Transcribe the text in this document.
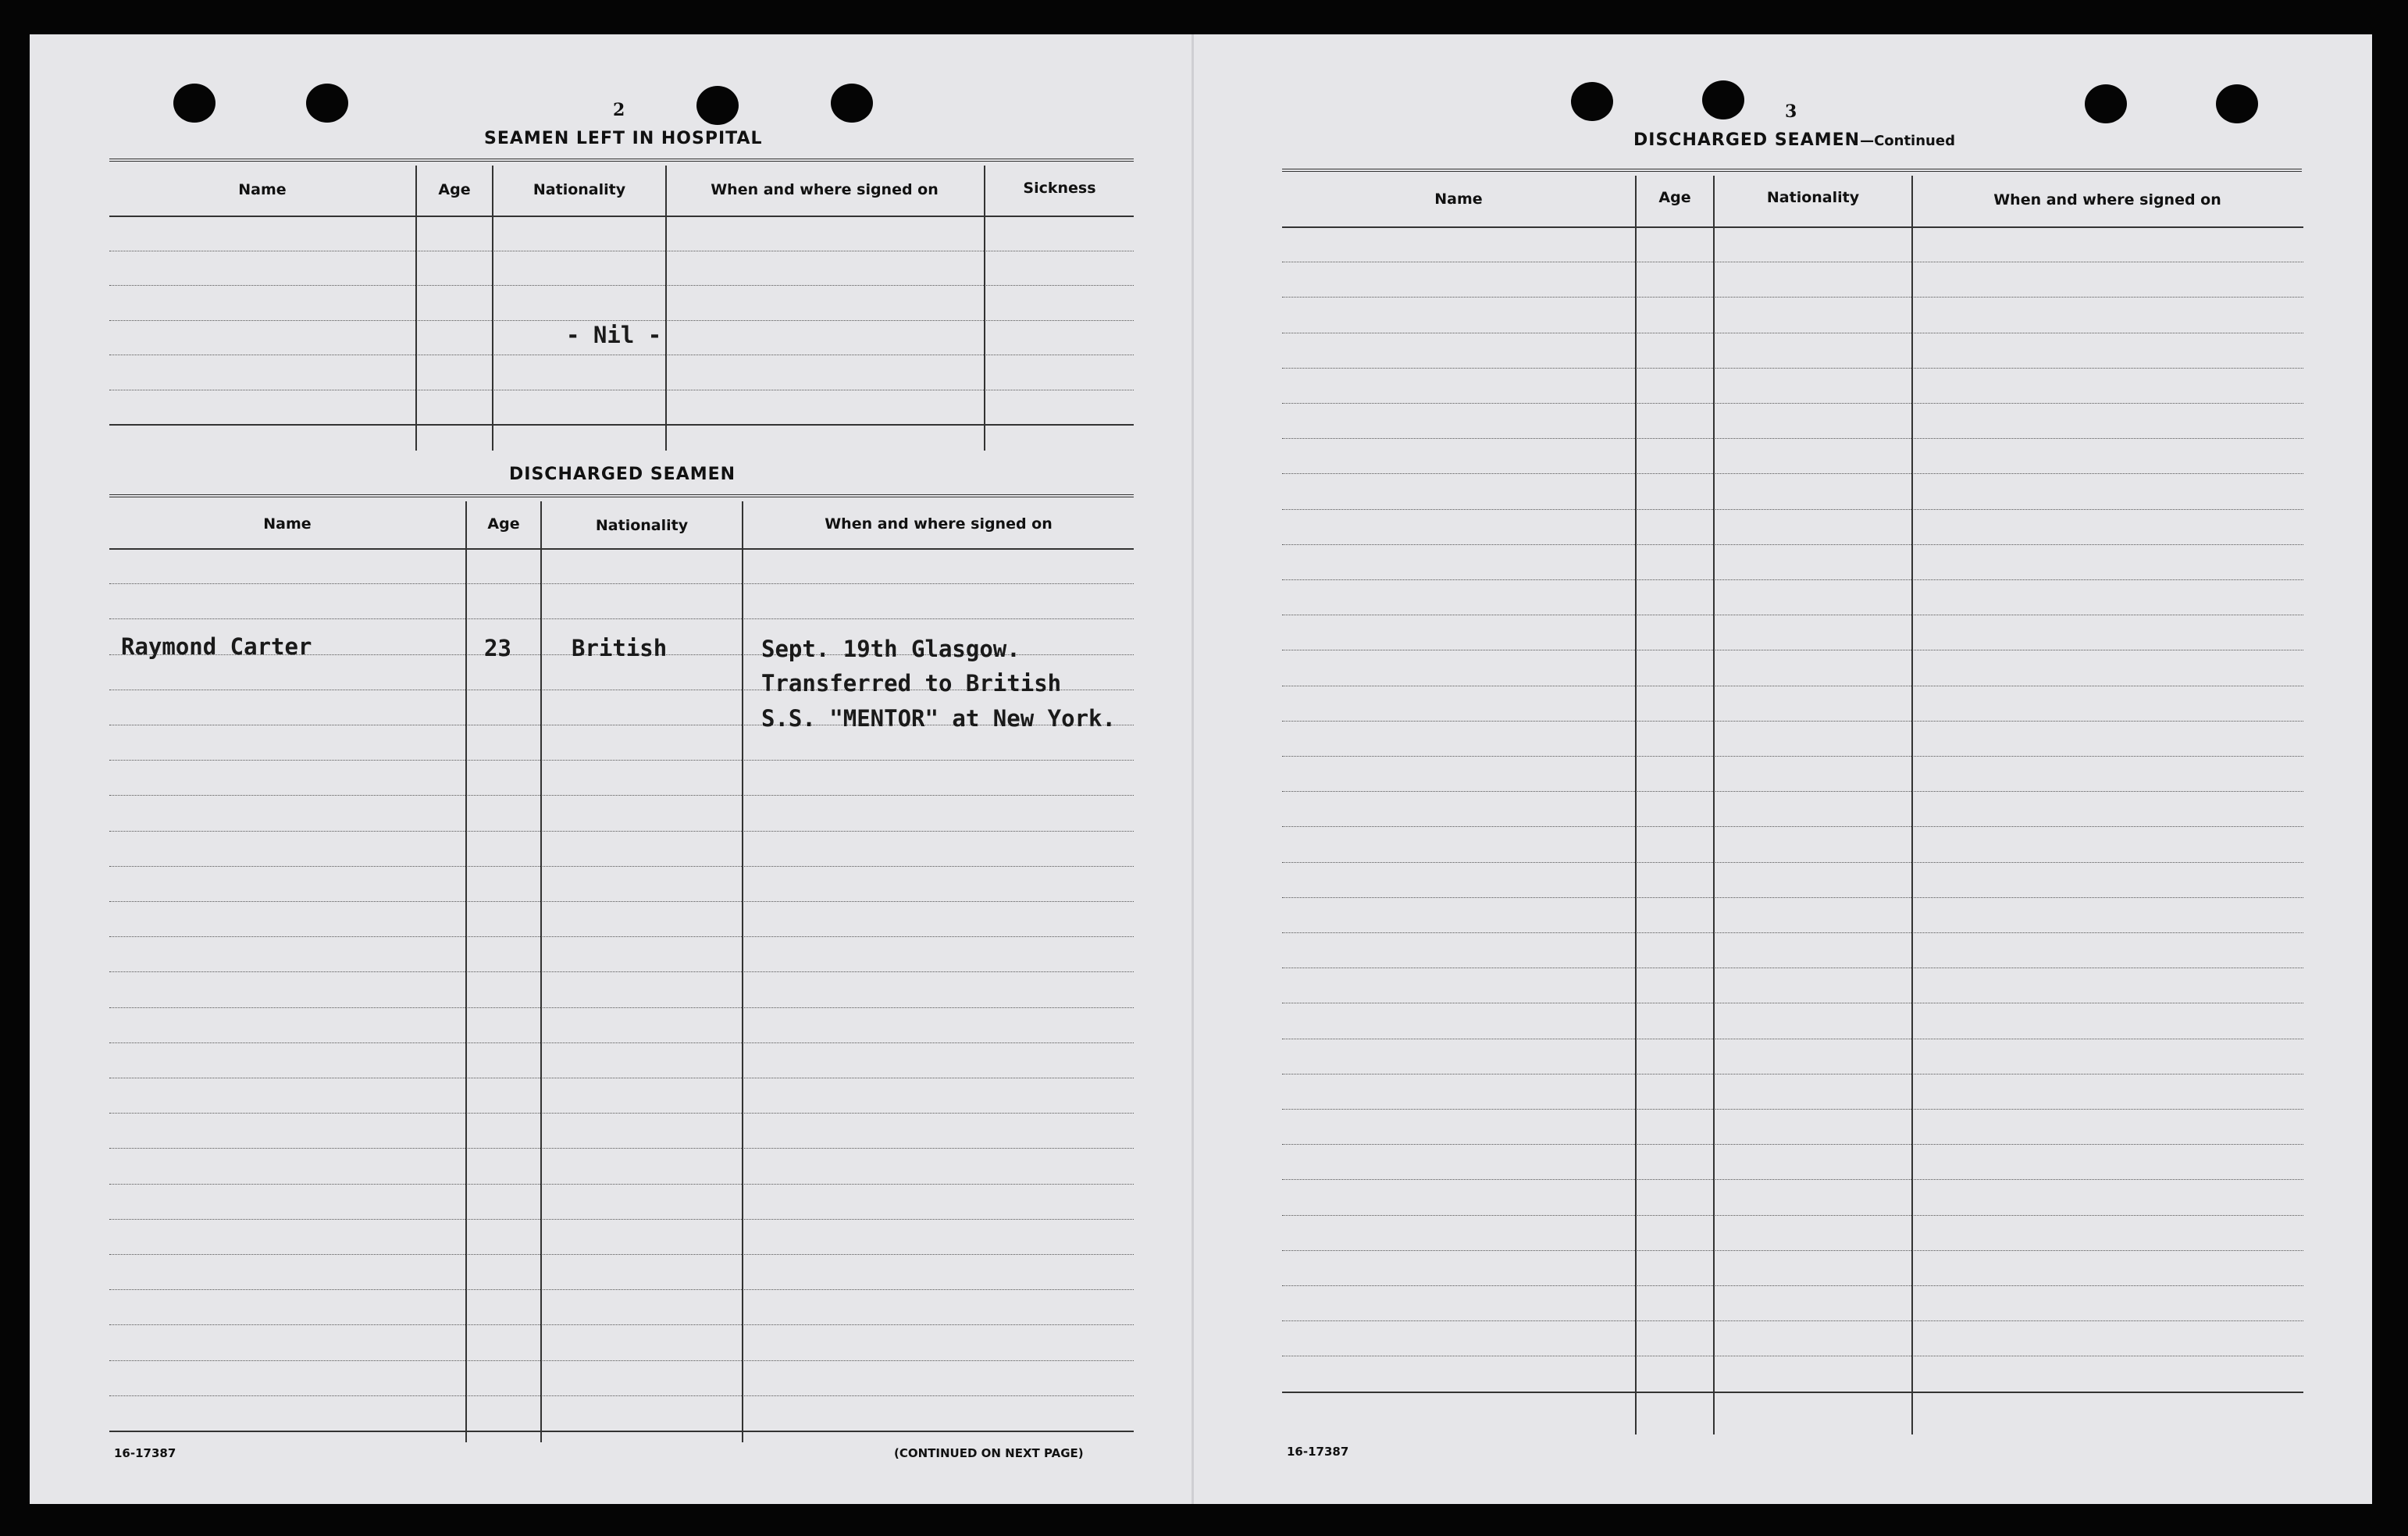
2
SEAMEN LEFT IN HOSPITAL
Name	Age	Nationality	When and where signed on	Sickness
- Nil -
DISCHARGED SEAMEN
Name	Age	Nationality	When and where signed on
Raymond Carter	23	British	Sept. 19th Glasgow.
Transferred to British
S.S. "MENTOR" at New York.
16-17387	(CONTINUED ON NEXT PAGE)
3
DISCHARGED SEAMEN—Continued
Name	Age	Nationality	When and where signed on
16-17387
